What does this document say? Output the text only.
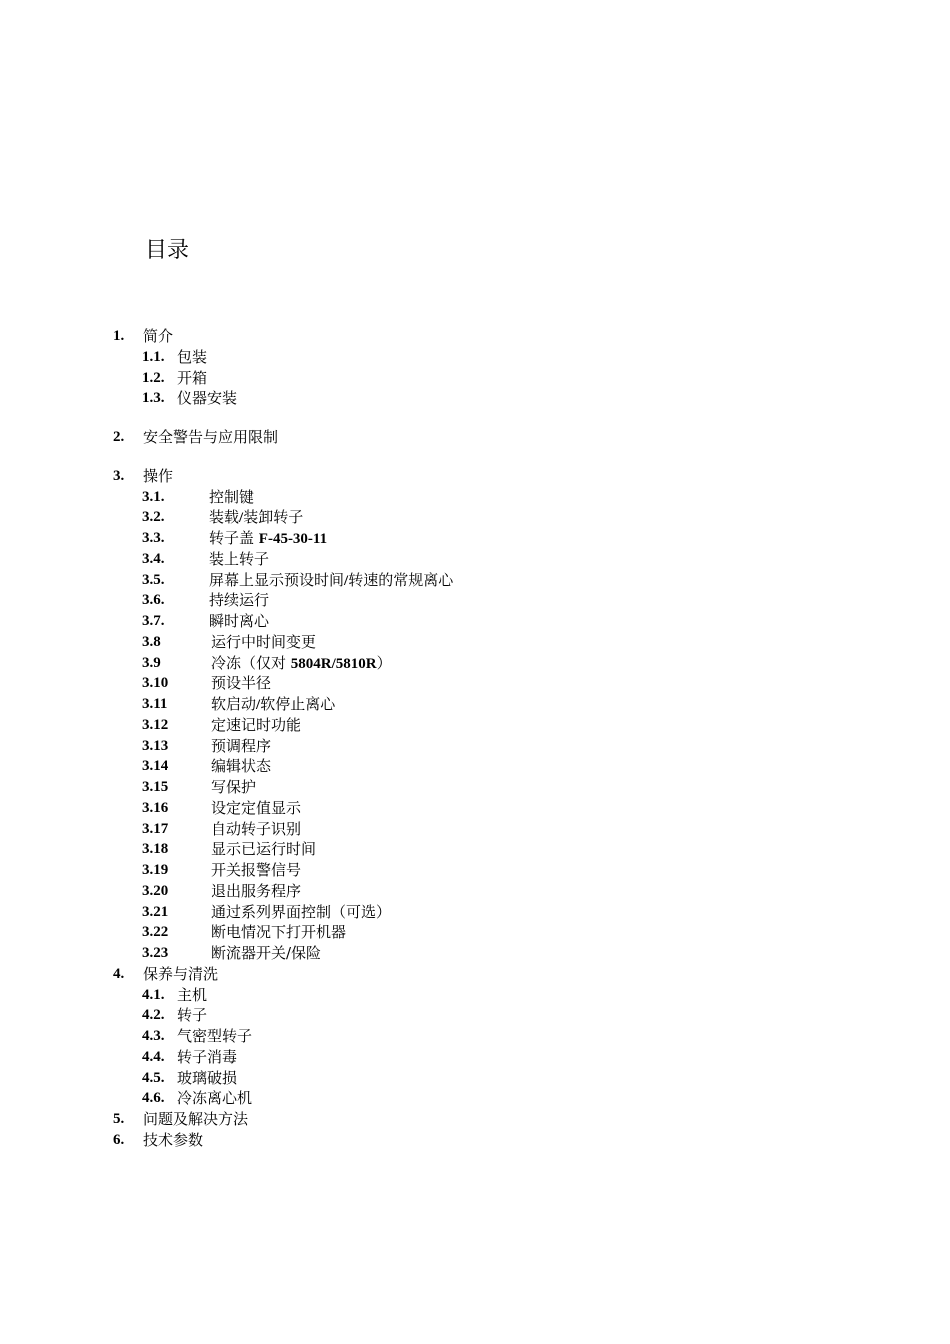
目录
1. 简介
1.1. 包装
1.2. 开箱
1.3. 仪器安装
2. 安全警告与应用限制
3. 操作
3.1.	控制键
3.2.	装载/装卸转子
3.3.	转子盖 F-45-30-11
3.4.	装上转子
3.5.	屏幕上显示预设时间/转速的常规离心
3.6.	持续运行
3.7.	瞬时离心
3.8	运行中时间变更
3.9	冷冻（仅对 5804R/5810R）
3.10	预设半径
3.11	软启动/软停止离心
3.12	定速记时功能
3.13	预调程序
3.14	编辑状态
3.15	写保护
3.16	设定定值显示
3.17	自动转子识别
3.18	显示已运行时间
3.19	开关报警信号
3.20	退出服务程序
3.21	通过系列界面控制（可选）
3.22	断电情况下打开机器
3.23	断流器开关/保险
4. 保养与清洗
4.1. 主机
4.2. 转子
4.3. 气密型转子
4.4. 转子消毒
4.5. 玻璃破损
4.6. 冷冻离心机
5. 问题及解决方法
6. 技术参数
